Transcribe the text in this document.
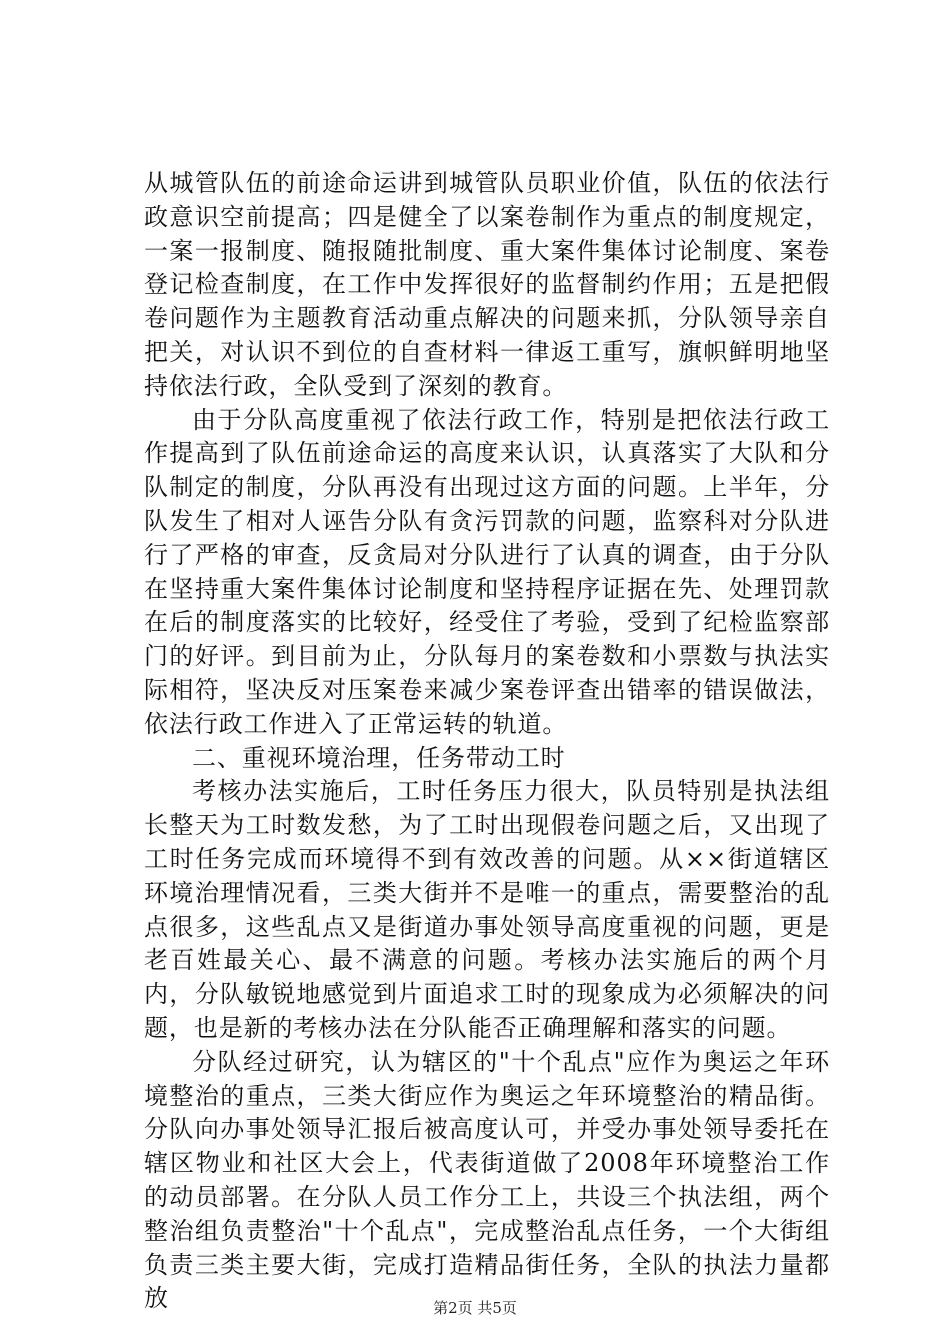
从城管队伍的前途命运讲到城管队员职业价值，队伍的依法行政意识空前提高；四是健全了以案卷制作为重点的制度规定，一案一报制度、随报随批制度、重大案件集体讨论制度、案卷登记检查制度，在工作中发挥很好的监督制约作用；五是把假卷问题作为主题教育活动重点解决的问题来抓，分队领导亲自把关，对认识不到位的自查材料一律返工重写，旗帜鲜明地坚持依法行政，全队受到了深刻的教育。

由于分队高度重视了依法行政工作，特别是把依法行政工作提高到了队伍前途命运的高度来认识，认真落实了大队和分队制定的制度，分队再没有出现过这方面的问题。上半年，分队发生了相对人诬告分队有贪污罚款的问题，监察科对分队进行了严格的审查，反贪局对分队进行了认真的调查，由于分队在坚持重大案件集体讨论制度和坚持程序证据在先、处理罚款在后的制度落实的比较好，经受住了考验，受到了纪检监察部门的好评。到目前为止，分队每月的案卷数和小票数与执法实际相符，坚决反对压案卷来减少案卷评查出错率的错误做法，依法行政工作进入了正常运转的轨道。

二、重视环境治理，任务带动工时

考核办法实施后，工时任务压力很大，队员特别是执法组长整天为工时数发愁，为了工时出现假卷问题之后，又出现了工时任务完成而环境得不到有效改善的问题。从××街道辖区环境治理情况看，三类大街并不是唯一的重点，需要整治的乱点很多，这些乱点又是街道办事处领导高度重视的问题，更是老百姓最关心、最不满意的问题。考核办法实施后的两个月内，分队敏锐地感觉到片面追求工时的现象成为必须解决的问题，也是新的考核办法在分队能否正确理解和落实的问题。

分队经过研究，认为辖区的"十个乱点"应作为奥运之年环境整治的重点，三类大街应作为奥运之年环境整治的精品街。分队向办事处领导汇报后被高度认可，并受办事处领导委托在辖区物业和社区大会上，代表街道做了2008年环境整治工作的动员部署。在分队人员工作分工上，共设三个执法组，两个整治组负责整治"十个乱点"，完成整治乱点任务，一个大街组负责三类主要大街，完成打造精品街任务，全队的执法力量都放	第2页 共5页
